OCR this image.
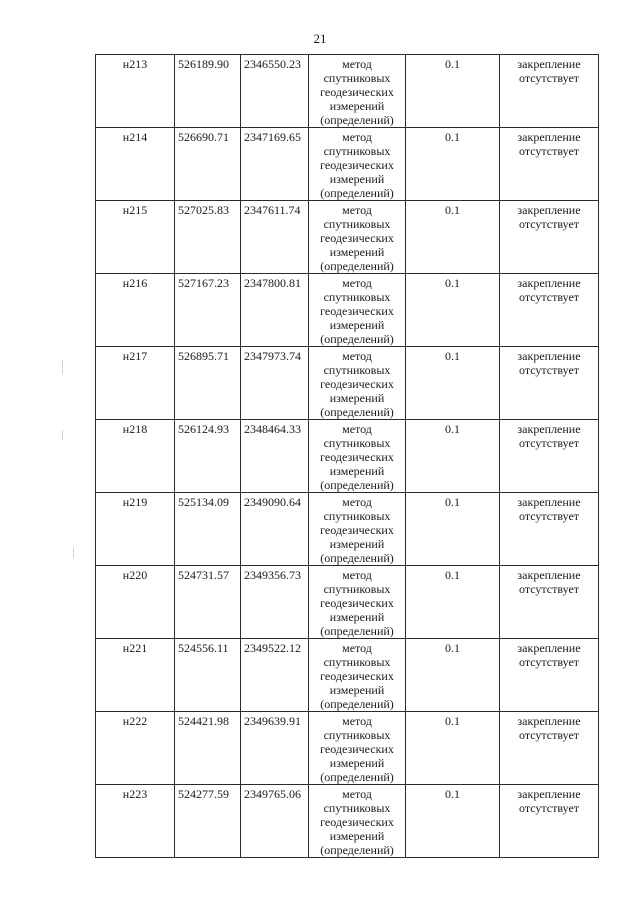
21
н213	526189.90	2346550.23	метод спутниковых геодезических измерений (определений)	0.1	закрепление отсутствует

н214	526690.71	2347169.65	метод спутниковых геодезических измерений (определений)	0.1	закрепление отсутствует

н215	527025.83	2347611.74	метод спутниковых геодезических измерений (определений)	0.1	закрепление отсутствует

н216	527167.23	2347800.81	метод спутниковых геодезических измерений (определений)	0.1	закрепление отсутствует

н217	526895.71	2347973.74	метод спутниковых геодезических измерений (определений)	0.1	закрепление отсутствует

н218	526124.93	2348464.33	метод спутниковых геодезических измерений (определений)	0.1	закрепление отсутствует

н219	525134.09	2349090.64	метод спутниковых геодезических измерений (определений)	0.1	закрепление отсутствует

н220	524731.57	2349356.73	метод спутниковых геодезических измерений (определений)	0.1	закрепление отсутствует

н221	524556.11	2349522.12	метод спутниковых геодезических измерений (определений)	0.1	закрепление отсутствует

н222	524421.98	2349639.91	метод спутниковых геодезических измерений (определений)	0.1	закрепление отсутствует

н223	524277.59	2349765.06	метод спутниковых геодезических измерений (определений)	0.1	закрепление отсутствует
